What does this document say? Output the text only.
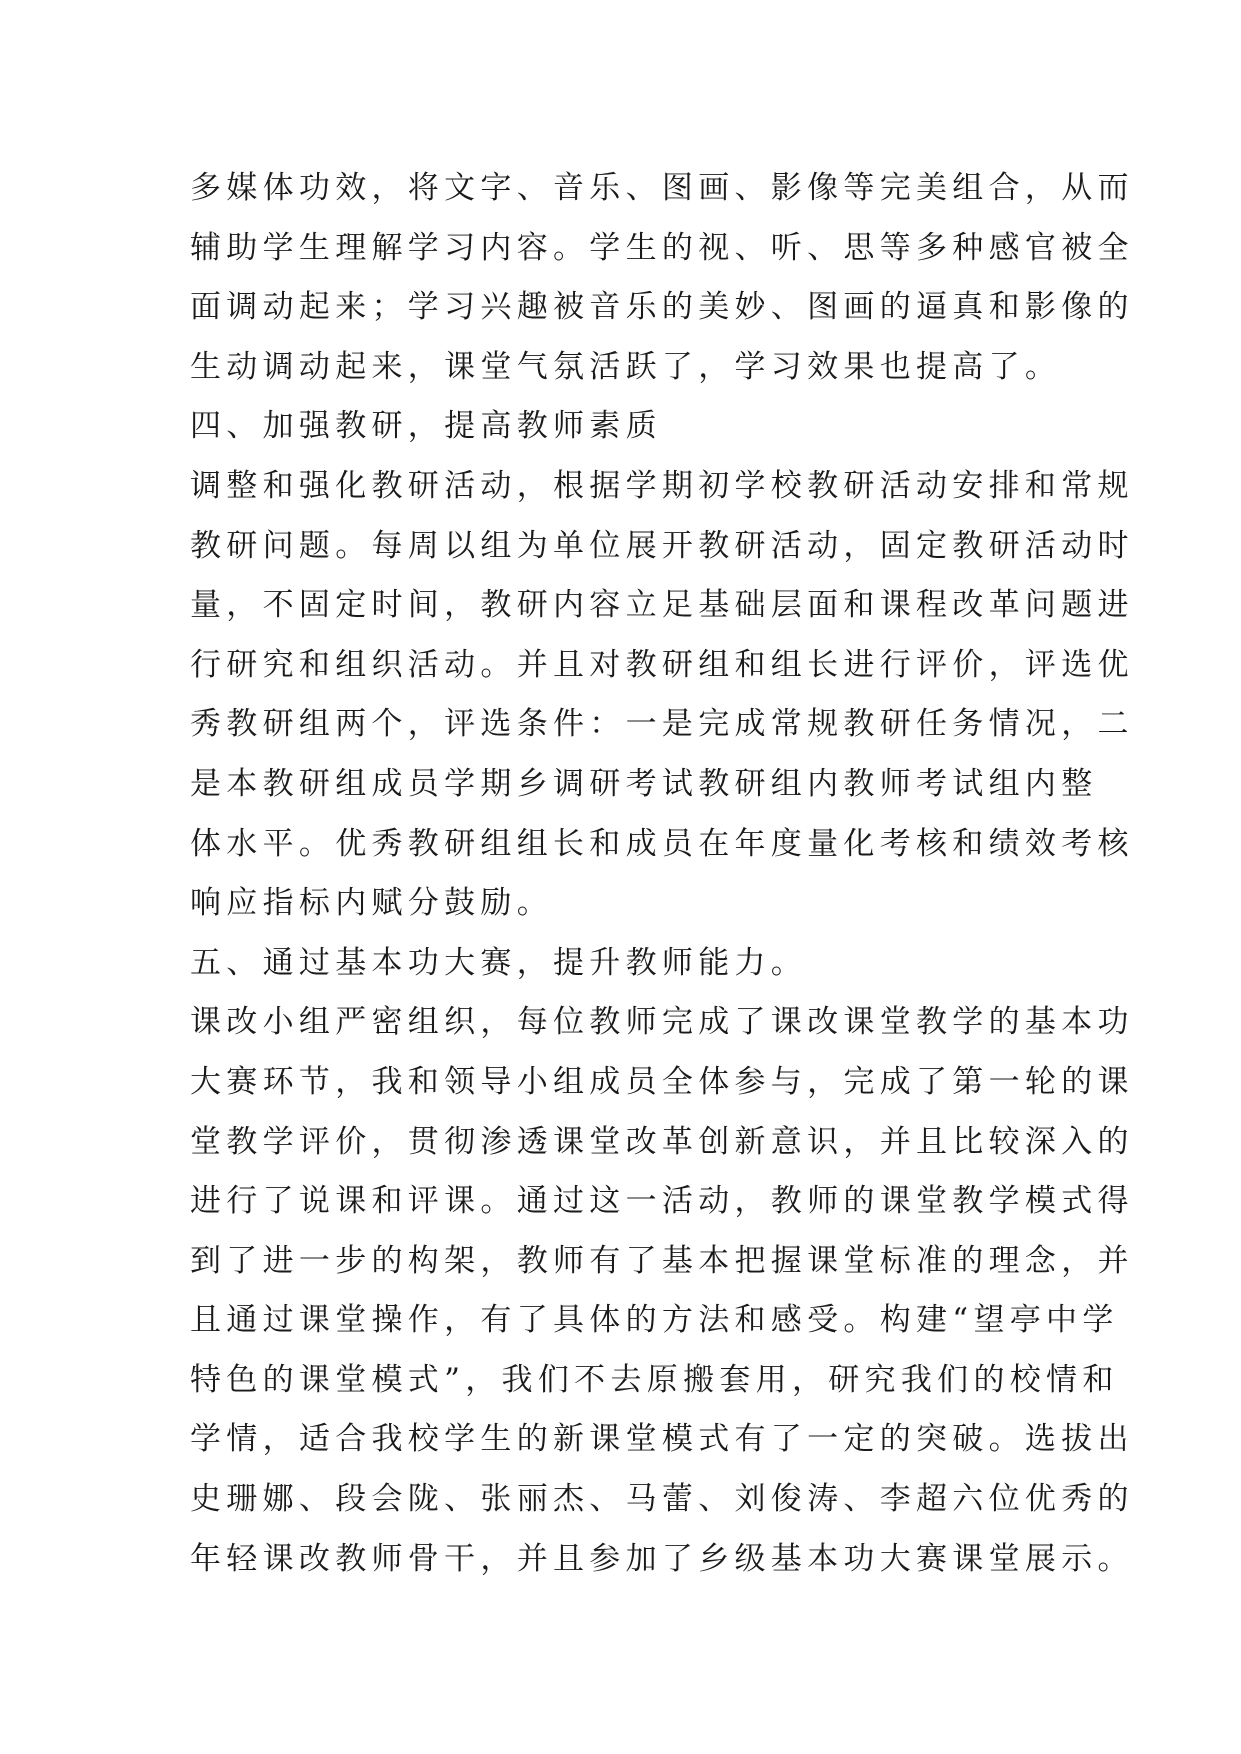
多媒体功效，将文字、音乐、图画、影像等完美组合，从而
辅助学生理解学习内容。学生的视、听、思等多种感官被全
面调动起来；学习兴趣被音乐的美妙、图画的逼真和影像的
生动调动起来，课堂气氛活跃了，学习效果也提高了。
四、加强教研，提高教师素质
调整和强化教研活动，根据学期初学校教研活动安排和常规
教研问题。每周以组为单位展开教研活动，固定教研活动时
量，不固定时间，教研内容立足基础层面和课程改革问题进
行研究和组织活动。并且对教研组和组长进行评价，评选优
秀教研组两个，评选条件：一是完成常规教研任务情况，二
是本教研组成员学期乡调研考试教研组内教师考试组内整
体水平。优秀教研组组长和成员在年度量化考核和绩效考核
响应指标内赋分鼓励。
五、通过基本功大赛，提升教师能力。
课改小组严密组织，每位教师完成了课改课堂教学的基本功
大赛环节，我和领导小组成员全体参与，完成了第一轮的课
堂教学评价，贯彻渗透课堂改革创新意识，并且比较深入的
进行了说课和评课。通过这一活动，教师的课堂教学模式得
到了进一步的构架，教师有了基本把握课堂标准的理念，并
且通过课堂操作，有了具体的方法和感受。构建“望亭中学
特色的课堂模式”，我们不去原搬套用，研究我们的校情和
学情，适合我校学生的新课堂模式有了一定的突破。选拔出
史珊娜、段会陇、张丽杰、马蕾、刘俊涛、李超六位优秀的
年轻课改教师骨干，并且参加了乡级基本功大赛课堂展示。
